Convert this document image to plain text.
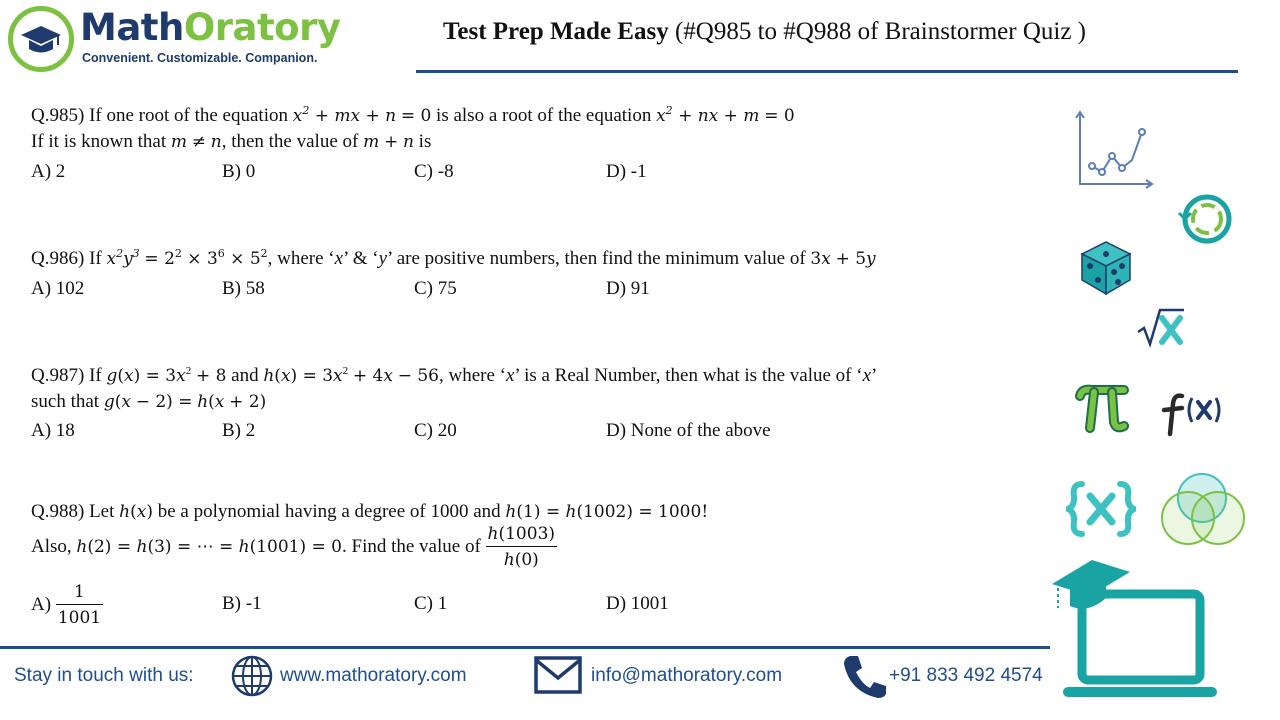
MathOratory
Convenient. Customizable. Companion.
Test Prep Made Easy (#Q985 to #Q988 of Brainstormer Quiz )
Q.985) If one root of the equation $x^2$ + mx + n = 0 is also a root of the equation $x^2$ + nx + m = 0
If it is known that m ≠ n, then the value of m + n is
A) 2	B) 0	C) -8	D) -1
Q.986) If $x^2y^3 = 2^2 \times 3^6 \times 5^2$, where ‘x’ & ‘y’ are positive numbers, then find the minimum value of 3x + 5y
A) 102	B) 58	C) 75	D) 91
Q.987) If $g(x) = 3x^2 + 8$ and $h(x) = 3x^2 + 4x - 56$, where ‘x’ is a Real Number, then what is the value of ‘x’
such that g(x − 2) = h(x + 2)
A) 18	B) 2	C) 20	D) None of the above
Q.988) Let h(x) be a polynomial having a degree of 1000 and h(1) = h(1002) = 1000!
Also, h(2) = h(3) = ⋯ = h(1001) = 0. Find the value of $\frac{h(1003)}{h(0)}$
$A) \frac{1}{1001}$	B) -1	C) 1	D) 1001
Stay in touch with us:	www.mathoratory.com	info@mathoratory.com	+91 833 492 4574
